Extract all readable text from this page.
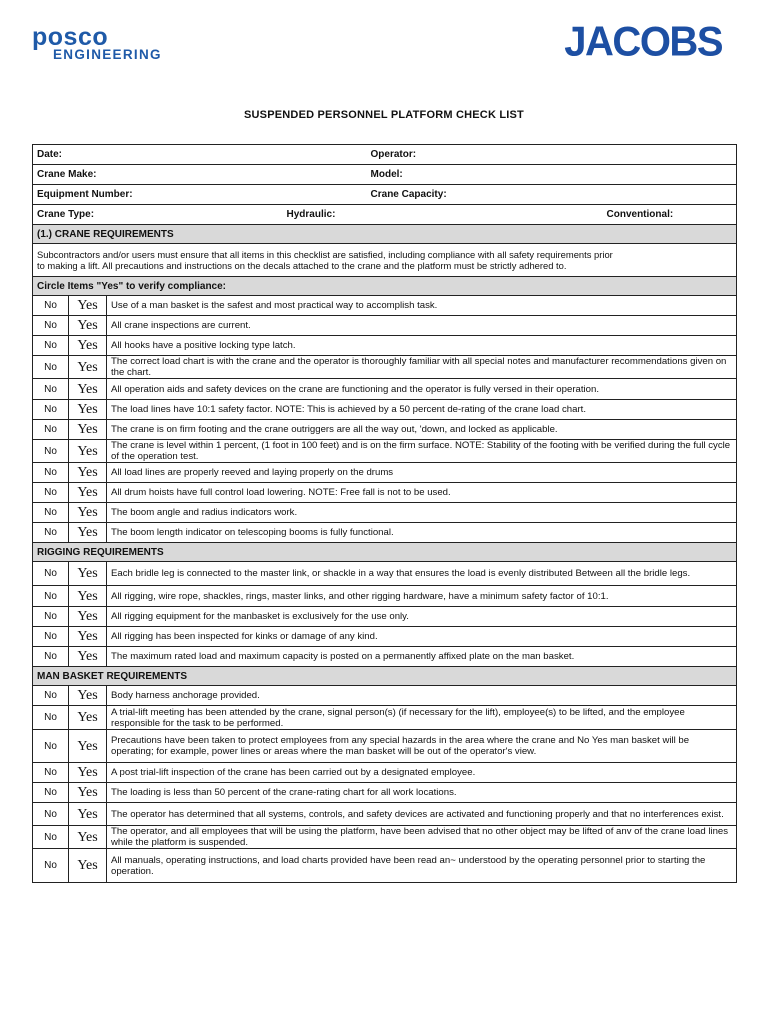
posco
ENGINEERING	JACOBS
SUSPENDED PERSONNEL PLATFORM CHECK LIST
Date:				Operator:	
Crane Make:				Model:	
Equipment Number:				Crane Capacity:	
Crane Type:			Hydraulic:		Conventional:
(1.) CRANE REQUIREMENTS					

Subcontractors and/or users must ensure that all items in this checklist are satisfied, including compliance with all safety requirements prior to making a lift. All precautions and instructions on the decals attached to the crane and the platform must be strictly adhered to.					

Circle Items "Yes" to verify compliance:					
No	Yes	Use of a man basket is the safest and most practical way to accomplish task.			
No	Yes	All crane inspections are current.			
No	Yes	All hooks have a positive locking type latch.			
No	Yes	The correct load chart is with the crane and the operator is thoroughly familiar with all special notes and manufacturer recommendations given on the chart.			
No	Yes	All operation aids and safety devices on the crane are functioning and the operator is fully versed in their operation.			
No	Yes	The load lines have 10:1 safety factor. NOTE: This is achieved by a 50 percent de-rating of the crane load chart.			
No	Yes	The crane is on firm footing and the crane outriggers are all the way out, 'down, and locked as applicable.			
No	Yes	The crane is level within 1 percent, (1 foot in 100 feet) and is on the firm surface. NOTE: Stability of the footing with be verified during the full cycle of the operation test.			
No	Yes	All load lines are properly reeved and laying properly on the drums			
No	Yes	All drum hoists have full control load lowering. NOTE: Free fall is not to be used.			
No	Yes	The boom angle and radius indicators work.			
No	Yes	The boom length indicator on telescoping booms is fully functional.			
RIGGING REQUIREMENTS					
No	Yes	Each bridle leg is connected to the master link, or shackle in a way that ensures the load is evenly distributed Between all the bridle legs.			
No	Yes	All rigging, wire rope, shackles, rings, master links, and other rigging hardware, have a minimum safety factor of 10:1.			
No	Yes	All rigging equipment for the manbasket is exclusively for the use only.			
No	Yes	All rigging has been inspected for kinks or damage of any kind.			
No	Yes	The maximum rated load and maximum capacity is posted on a permanently affixed plate on the man basket.			
MAN BASKET REQUIREMENTS					
No	Yes	Body harness anchorage provided.			
No	Yes	A trial-lift meeting has been attended by the crane, signal person(s) (if necessary for the lift), employee(s) to be lifted, and the employee responsible for the task to be performed.			
No	Yes	Precautions have been taken to protect employees from any special hazards in the area where the crane and No Yes man basket will be operating; for example, power lines or areas where the man basket will be out of the operator's view.			
No	Yes	A post trial-lift inspection of the crane has been carried out by a designated employee.			
No	Yes	The loading is less than 50 percent of the crane-rating chart for all work locations.			
No	Yes	The operator has determined that all systems, controls, and safety devices are activated and functioning properly and that no interferences exist.			
No	Yes	The operator, and all employees that will be using the platform, have been advised that no other object may be lifted of anv of the crane load lines while the platform is suspended.			
No	Yes	All manuals, operating instructions, and load charts provided have been read an~ understood by the operating personnel prior to starting the operation.			
